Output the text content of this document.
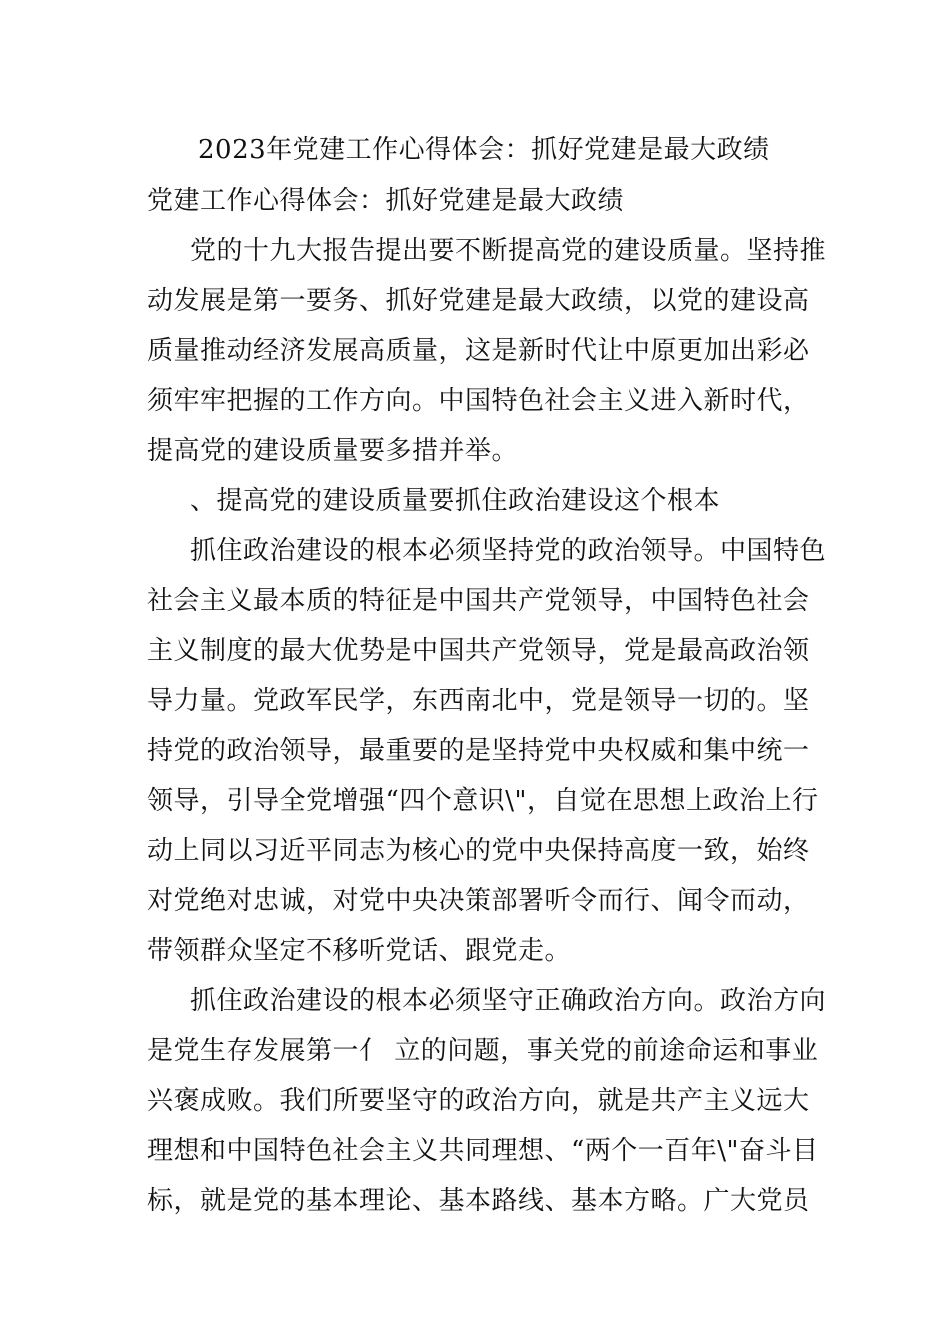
2023年党建工作心得体会：抓好党建是最大政绩
党建工作心得体会：抓好党建是最大政绩
党的十九大报告提出要不断提高党的建设质量。坚持推
动发展是第一要务、抓好党建是最大政绩，以党的建设高
质量推动经济发展高质量，这是新时代让中原更加出彩必
须牢牢把握的工作方向。中国特色社会主义进入新时代，
提高党的建设质量要多措并举。
、提高党的建设质量要抓住政治建设这个根本
抓住政治建设的根本必须坚持党的政治领导。中国特色
社会主义最本质的特征是中国共产党领导，中国特色社会
主义制度的最大优势是中国共产党领导，党是最高政治领
导力量。党政军民学，东西南北中，党是领导一切的。坚
持党的政治领导，最重要的是坚持党中央权威和集中统一
领导，引导全党增强“四个意识\"，自觉在思想上政治上行
动上同以习近平同志为核心的党中央保持高度一致，始终
对党绝对忠诚，对党中央决策部署听令而行、闻令而动，
带领群众坚定不移听党话、跟党走。
抓住政治建设的根本必须坚守正确政治方向。政治方向
是党生存发展第一亻 立的问题，事关党的前途命运和事业
兴褒成败。我们所要坚守的政治方向，就是共产主义远大
理想和中国特色社会主义共同理想、“两个一百年\"奋斗目
标，就是党的基本理论、基本路线、基本方略。广大党员
